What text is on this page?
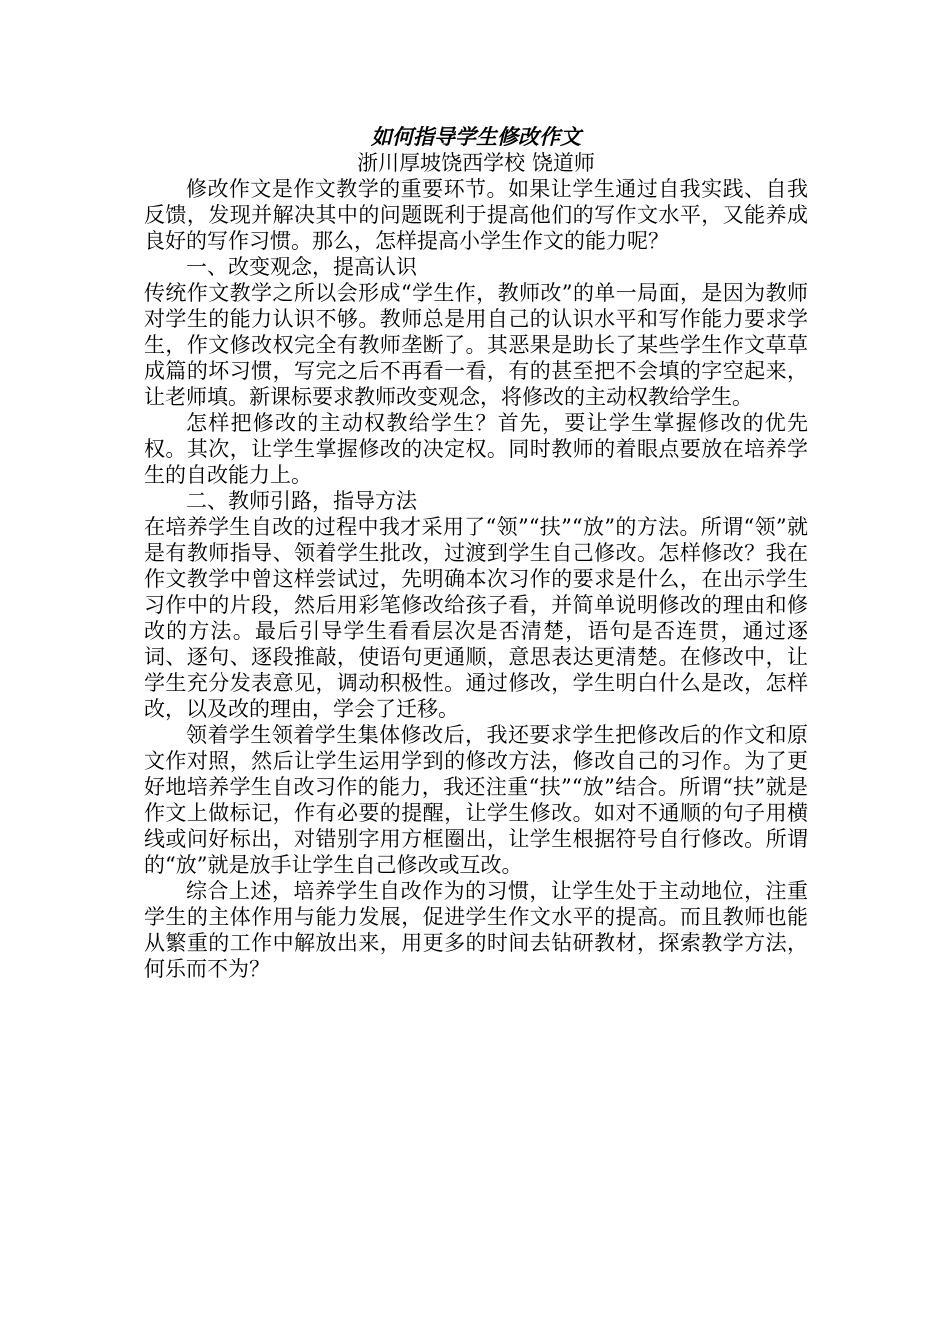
如何指导学生修改作文

浙川厚坡饶西学校 饶道师

修改作文是作文教学的重要环节。如果让学生通过自我实践、自我反馈，发现并解决其中的问题既利于提高他们的写作文水平，又能养成良好的写作习惯。那么，怎样提高小学生作文的能力呢？

一、改变观念，提高认识

传统作文教学之所以会形成“学生作，教师改”的单一局面，是因为教师对学生的能力认识不够。教师总是用自己的认识水平和写作能力要求学生，作文修改权完全有教师垄断了。其恶果是助长了某些学生作文草草成篇的坏习惯，写完之后不再看一看，有的甚至把不会填的字空起来，让老师填。新课标要求教师改变观念，将修改的主动权教给学生。

怎样把修改的主动权教给学生？首先，要让学生掌握修改的优先权。其次，让学生掌握修改的决定权。同时教师的着眼点要放在培养学生的自改能力上。

二、教师引路，指导方法

在培养学生自改的过程中我才采用了“领”“扶”“放”的方法。所谓“领”就是有教师指导、领着学生批改，过渡到学生自己修改。怎样修改？我在作文教学中曾这样尝试过，先明确本次习作的要求是什么，在出示学生习作中的片段，然后用彩笔修改给孩子看，并简单说明修改的理由和修改的方法。最后引导学生看看层次是否清楚，语句是否连贯，通过逐词、逐句、逐段推敲，使语句更通顺，意思表达更清楚。在修改中，让学生充分发表意见，调动积极性。通过修改，学生明白什么是改，怎样改，以及改的理由，学会了迁移。

领着学生领着学生集体修改后，我还要求学生把修改后的作文和原文作对照，然后让学生运用学到的修改方法，修改自己的习作。为了更好地培养学生自改习作的能力，我还注重“扶”“放”结合。所谓“扶”就是作文上做标记，作有必要的提醒，让学生修改。如对不通顺的句子用横线或问好标出，对错别字用方框圈出，让学生根据符号自行修改。所谓的“放”就是放手让学生自己修改或互改。

综合上述，培养学生自改作为的习惯，让学生处于主动地位，注重学生的主体作用与能力发展，促进学生作文水平的提高。而且教师也能从繁重的工作中解放出来，用更多的时间去钻研教材，探索教学方法，何乐而不为？
